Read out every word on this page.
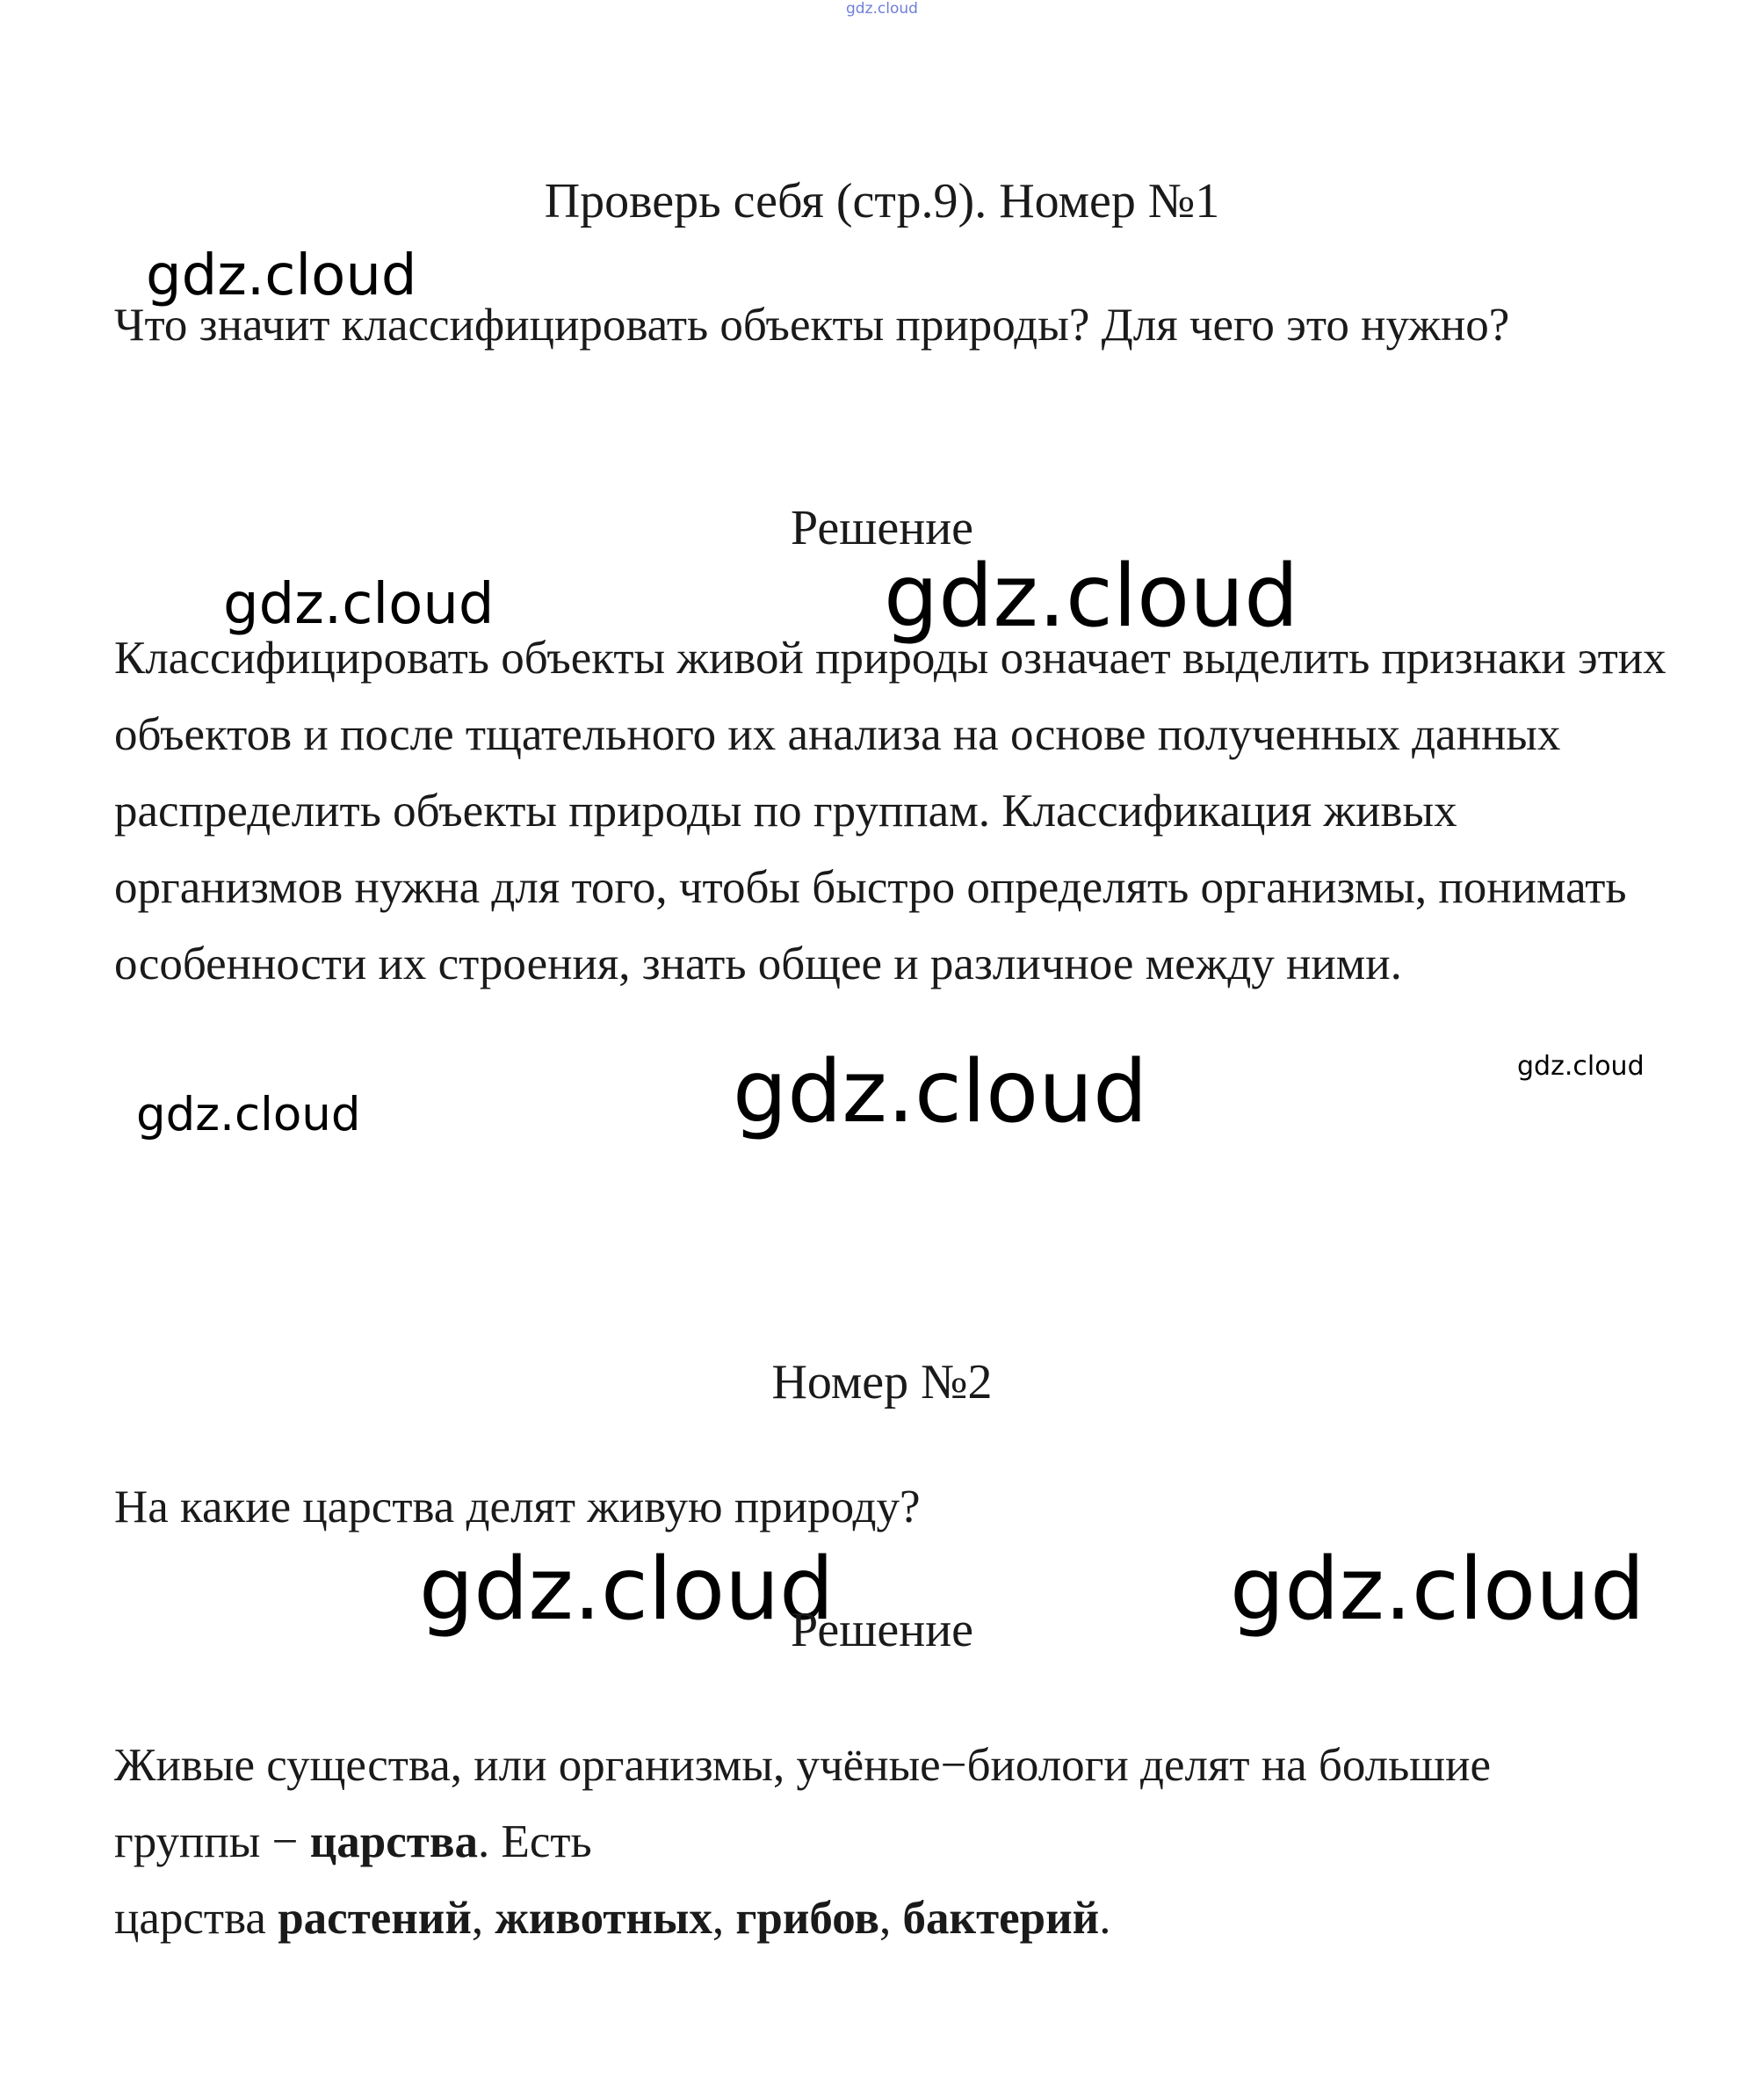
gdz.cloud
Проверь себя (стр.9). Номер №1
gdz.cloud
Что значит классифицировать объекты природы? Для чего это нужно?
Решение
gdz.cloud	gdz.cloud
Классифицировать объекты живой природы означает выделить признаки этих объектов и после тщательного их анализа на основе полученных данных распределить объекты природы по группам. Классификация живых организмов нужна для того, чтобы быстро определять организмы, понимать особенности их строения, знать общее и различное между ними.
gdz.cloud
gdz.cloud	gdz.cloud
Номер №2
На какие царства делят живую природу?
gdz.cloud	gdz.cloud
Решение
Живые существа, или организмы, учёные−биологи делят на большие
группы − царства. Есть
царства растений, животных, грибов, бактерий.
